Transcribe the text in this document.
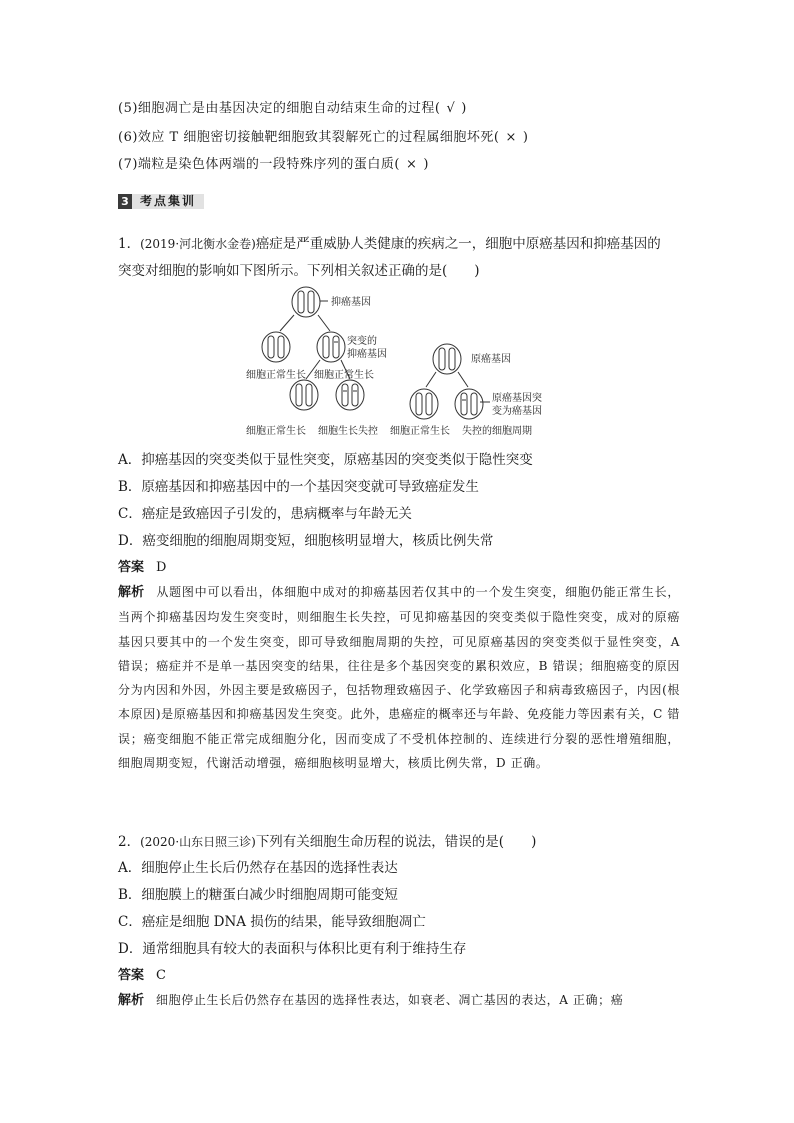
(5)细胞凋亡是由基因决定的细胞自动结束生命的过程( √ )
(6)效应 T 细胞密切接触靶细胞致其裂解死亡的过程属细胞坏死( × )
(7)端粒是染色体两端的一段特殊序列的蛋白质( × )
3 考点集训
1．(2019·河北衡水金卷)癌症是严重威胁人类健康的疾病之一，细胞中原癌基因和抑癌基因的
突变对细胞的影响如下图所示。下列相关叙述正确的是(　　)
抑癌基因
突变的
抑癌基因
细胞正常生长 细胞正常生长
细胞正常生长 细胞生长失控
原癌基因
原癌基因突
变为癌基因
细胞正常生长 失控的细胞周期
A．抑癌基因的突变类似于显性突变，原癌基因的突变类似于隐性突变
B．原癌基因和抑癌基因中的一个基因突变就可导致癌症发生
C．癌症是致癌因子引发的，患病概率与年龄无关
D．癌变细胞的细胞周期变短，细胞核明显增大，核质比例失常
答案 D
解析 从题图中可以看出，体细胞中成对的抑癌基因若仅其中的一个发生突变，细胞仍能正常生长，当两个抑癌基因均发生突变时，则细胞生长失控，可见抑癌基因的突变类似于隐性突变，成对的原癌基因只要其中的一个发生突变，即可导致细胞周期的失控，可见原癌基因的突变类似于显性突变，A 错误；癌症并不是单一基因突变的结果，往往是多个基因突变的累积效应，B 错误；细胞癌变的原因分为内因和外因，外因主要是致癌因子，包括物理致癌因子、化学致癌因子和病毒致癌因子，内因(根本原因)是原癌基因和抑癌基因发生突变。此外，患癌症的概率还与年龄、免疫能力等因素有关，C 错误；癌变细胞不能正常完成细胞分化，因而变成了不受机体控制的、连续进行分裂的恶性增殖细胞，细胞周期变短，代谢活动增强，癌细胞核明显增大，核质比例失常，D 正确。
2．(2020·山东日照三诊)下列有关细胞生命历程的说法，错误的是(　　)
A．细胞停止生长后仍然存在基因的选择性表达
B．细胞膜上的糖蛋白减少时细胞周期可能变短
C．癌症是细胞 DNA 损伤的结果，能导致细胞凋亡
D．通常细胞具有较大的表面积与体积比更有利于维持生存
答案 C
解析 细胞停止生长后仍然存在基因的选择性表达，如衰老、凋亡基因的表达，A 正确；癌
